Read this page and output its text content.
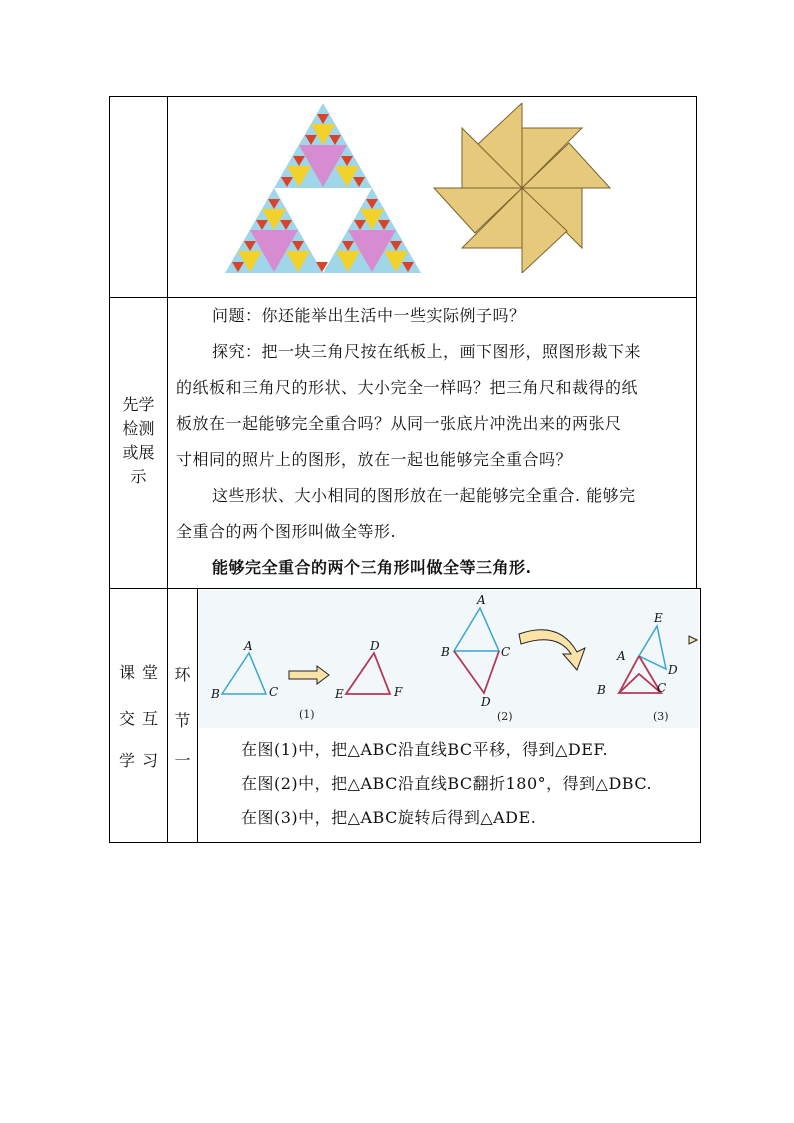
先学
检测
或展
示
问题：你还能举出生活中一些实际例子吗？
探究：把一块三角尺按在纸板上，画下图形，照图形裁下来
的纸板和三角尺的形状、大小完全一样吗？把三角尺和裁得的纸
板放在一起能够完全重合吗？从同一张底片冲洗出来的两张尺
寸相同的照片上的图形，放在一起也能够完全重合吗？
这些形状、大小相同的图形放在一起能够完全重合. 能够完
全重合的两个图形叫做全等形.
能够完全重合的两个三角形叫做全等三角形.
课 堂
交 互
学 习
环
节
一
A
B	C
D
E	F
(1)
A
B	C
D
(2)
E
A
D
B	C
(3)
在图(1)中，把△ABC沿直线BC平移，得到△DEF.
在图(2)中，把△ABC沿直线BC翻折180°，得到△DBC.
在图(3)中，把△ABC旋转后得到△ADE.
